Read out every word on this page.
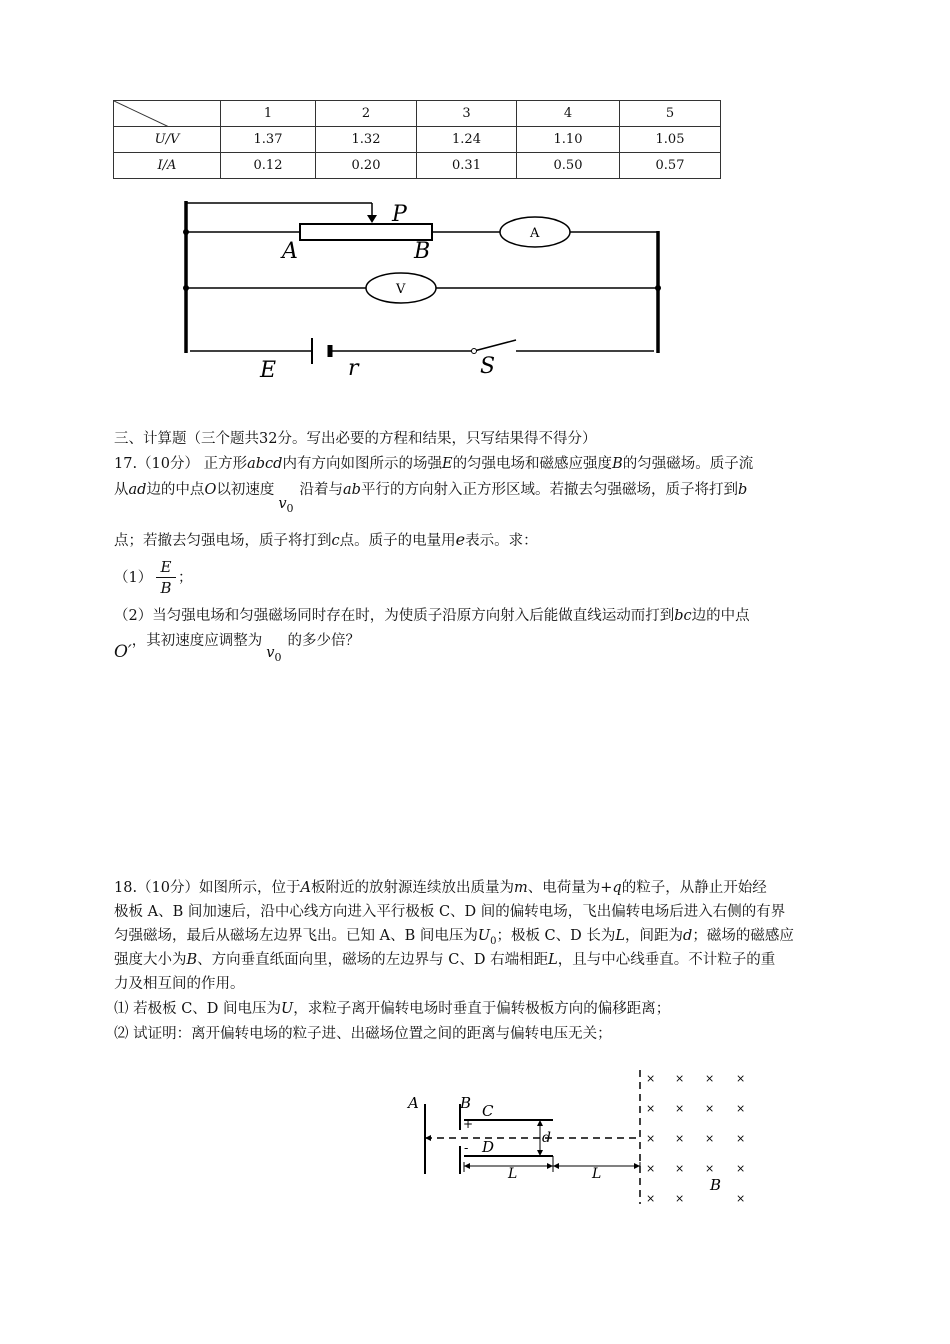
	1	2	3	4	5
U/V	1.37	1.32	1.24	1.10	1.05
I/A	0.12	0.20	0.31	0.50	0.57
P
A	B
A
V
E	r	S
三、计算题（三个题共32分。写出必要的方程和结果，只写结果得不得分）
17.（10分） 正方形abcd内有方向如图所示的场强E的匀强电场和磁感应强度B的匀强磁场。质子流
从ad边的中点O以初速度$v_0$沿着与ab平行的方向射入正方形区域。若撤去匀强磁场，质子将打到b
点；若撤去匀强电场，质子将打到c点。质子的电量用e表示。求：
（1）
E
B
；
（2）当匀强电场和匀强磁场同时存在时，为使质子沿原方向射入后能做直线运动而打到bc边的中点
O′，其初速度应调整为$v_0$的多少倍？
18.（10分）如图所示，位于A板附近的放射源连续放出质量为m、电荷量为+q的粒子，从静止开始经
极板 A、B 间加速后，沿中心线方向进入平行极板 C、D 间的偏转电场，飞出偏转电场后进入右侧的有界
匀强磁场，最后从磁场左边界飞出。已知 A、B 间电压为$U_0$；极板 C、D 长为L，间距为d；磁场的磁感应
强度大小为B、方向垂直纸面向里，磁场的左边界与 C、D 右端相距L，且与中心线垂直。不计粒子的重
力及相互间的作用。
⑴ 若极板 C、D 间电压为U，求粒子离开偏转电场时垂直于偏转极板方向的偏移距离；
⑵ 试证明：离开偏转电场的粒子进、出磁场位置之间的距离与偏转电压无关；
A	B C
D	d
+
-
L	L
B
× × × ×
× × × ×
× × × ×
× × × ×
× ×	×
